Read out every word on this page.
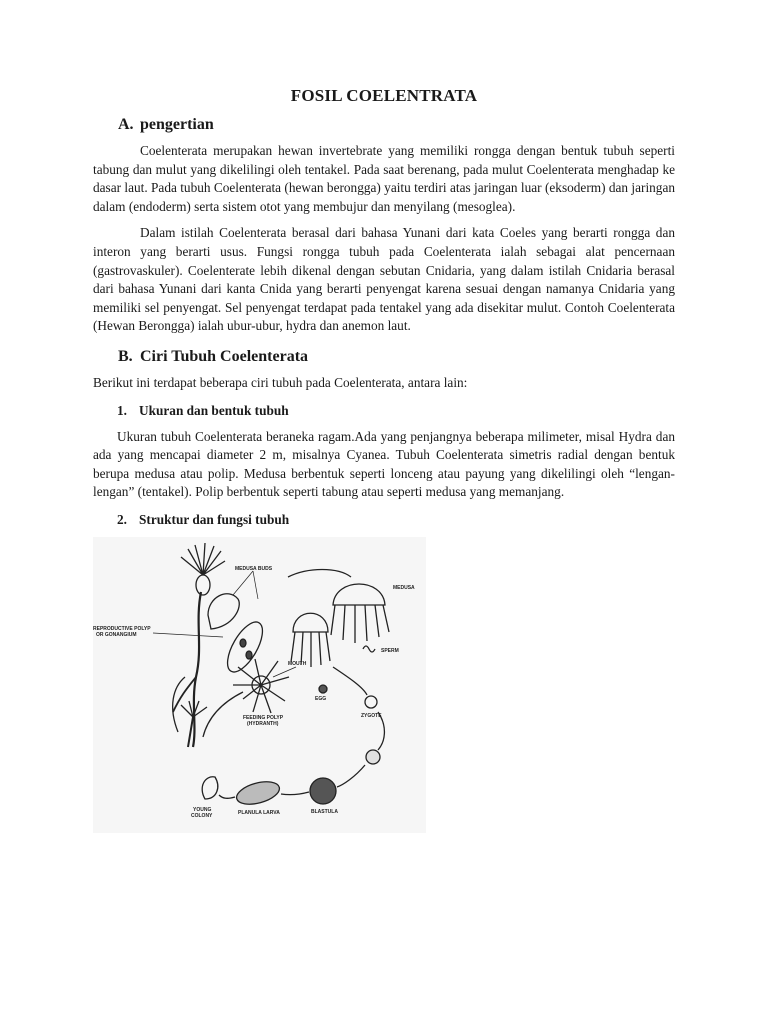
FOSIL COELENTRATA
A. pengertian

Coelenterata merupakan hewan invertebrate yang memiliki rongga dengan bentuk tubuh seperti tabung dan mulut yang dikelilingi oleh tentakel. Pada saat berenang, pada mulut Coelenterata menghadap ke dasar laut. Pada tubuh Coelenterata (hewan berongga) yaitu terdiri atas jaringan luar (eksoderm) dan jaringan dalam (endoderm) serta sistem otot yang membujur dan menyilang (mesoglea).

Dalam istilah Coelenterata berasal dari bahasa Yunani dari kata Coeles yang berarti rongga dan interon yang berarti usus. Fungsi rongga tubuh pada Coelenterata ialah sebagai alat pencernaan (gastrovaskuler). Coelenterate lebih dikenal dengan sebutan Cnidaria, yang dalam istilah Cnidaria berasal dari bahasa Yunani dari kanta Cnida yang berarti penyengat karena sesuai dengan namanya Cnidaria yang memiliki sel penyengat. Sel penyengat terdapat pada tentakel yang ada disekitar mulut. Contoh Coelenterata (Hewan Berongga) ialah ubur-ubur, hydra dan anemon laut.

B. Ciri Tubuh Coelenterata

Berikut ini terdapat beberapa ciri tubuh pada Coelenterata, antara lain:

1. Ukuran dan bentuk tubuh

Ukuran tubuh Coelenterata beraneka ragam.Ada yang penjangnya beberapa milimeter, misal Hydra dan ada yang mencapai diameter 2 m, misalnya Cyanea. Tubuh Coelenterata simetris radial dengan bentuk berupa medusa atau polip. Medusa berbentuk seperti lonceng atau payung yang dikelilingi oleh “lengan-lengan” (tentakel). Polip berbentuk seperti tabung atau seperti medusa yang memanjang.

2. Struktur dan fungsi tubuh
MEDUSA BUDS
MEDUSA
REPRODUCTIVE POLYP
OR GONANGIUM
MOUTH
SPERM
EGG
FEEDING POLYP
(HYDRANTH)
ZYGOTE
YOUNG
COLONY	PLANULA LARVA	BLASTULA
